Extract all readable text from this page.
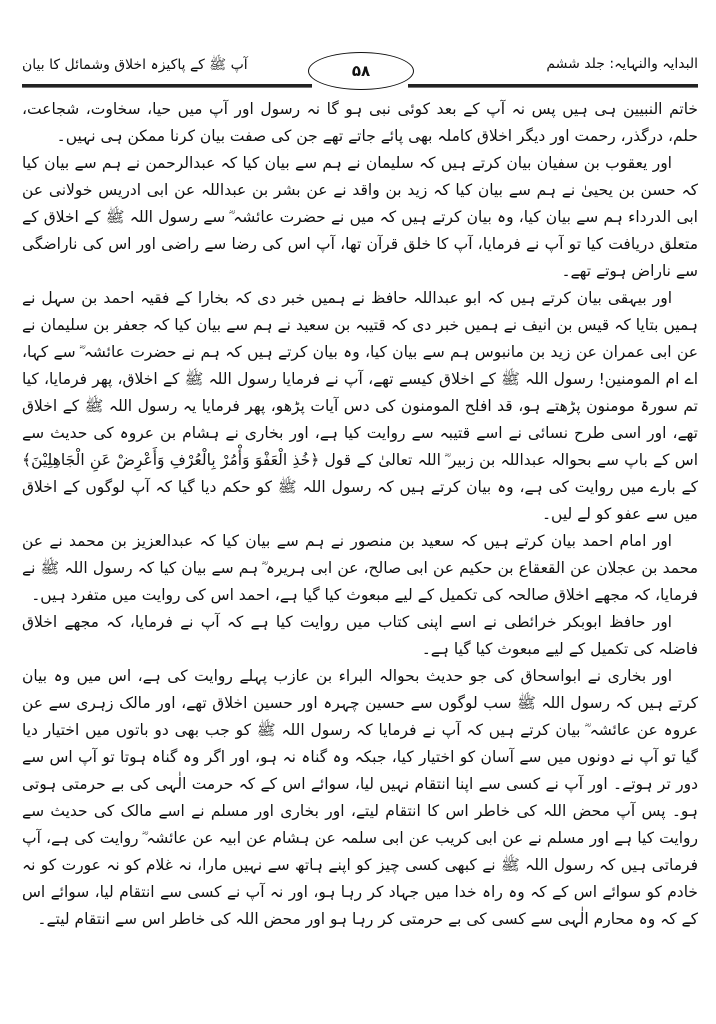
البدایہ والنہایہ: جلد ششم
۵۸
آپ ﷺ کے پاکیزہ اخلاق وشمائل کا بیان

خاتم النبیین ہی ہیں پس نہ آپ کے بعد کوئی نبی ہو گا نہ رسول اور آپ میں حیا، سخاوت، شجاعت، حلم، درگذر، رحمت اور دیگر اخلاق کاملہ بھی پائے جاتے تھے جن کی صفت بیان کرنا ممکن ہی نہیں۔

اور یعقوب بن سفیان بیان کرتے ہیں کہ سلیمان نے ہم سے بیان کیا کہ عبدالرحمن نے ہم سے بیان کیا کہ حسن بن یحییٰ نے ہم سے بیان کیا کہ زید بن واقد نے عن بشر بن عبداللہ عن ابی ادریس خولانی عن ابی الدرداء ہم سے بیان کیا، وہ بیان کرتے ہیں کہ میں نے حضرت عائشہ ؓ سے رسول اللہ ﷺ کے اخلاق کے متعلق دریافت کیا تو آپ نے فرمایا، آپ کا خلق قرآن تھا، آپ اس کی رضا سے راضی اور اس کی ناراضگی سے ناراض ہوتے تھے۔

اور بیہقی بیان کرتے ہیں کہ ابو عبداللہ حافظ نے ہمیں خبر دی کہ بخارا کے فقیہ احمد بن سہل نے ہمیں بتایا کہ قیس بن انیف نے ہمیں خبر دی کہ قتیبہ بن سعید نے ہم سے بیان کیا کہ جعفر بن سلیمان نے عن ابی عمران عن زید بن مانبوس ہم سے بیان کیا، وہ بیان کرتے ہیں کہ ہم نے حضرت عائشہ ؓ سے کہا، اے ام المومنین! رسول اللہ ﷺ کے اخلاق کیسے تھے، آپ نے فرمایا رسول اللہ ﷺ کے اخلاق، پھر فرمایا، کیا تم سورۃ مومنون پڑھتے ہو، قد افلح المومنون کی دس آیات پڑھو، پھر فرمایا یہ رسول اللہ ﷺ کے اخلاق تھے، اور اسی طرح نسائی نے اسے قتیبہ سے روایت کیا ہے، اور بخاری نے ہشام بن عروہ کی حدیث سے اس کے باپ سے بحوالہ عبداللہ بن زبیر ؓ اللہ تعالیٰ کے قول ﴿خُذِ الْعَفْوَ وَأْمُرْ بِالْعُرْفِ وَأَعْرِضْ عَنِ الْجَاهِلِيْنَ﴾ کے بارے میں روایت کی ہے، وہ بیان کرتے ہیں کہ رسول اللہ ﷺ کو حکم دیا گیا کہ آپ لوگوں کے اخلاق میں سے عفو کو لے لیں۔

اور امام احمد بیان کرتے ہیں کہ سعید بن منصور نے ہم سے بیان کیا کہ عبدالعزیز بن محمد نے عن محمد بن عجلان عن القعقاع بن حکیم عن ابی صالح، عن ابی ہریرہ ؓ ہم سے بیان کیا کہ رسول اللہ ﷺ نے فرمایا، کہ مجھے اخلاق صالحہ کی تکمیل کے لیے مبعوث کیا گیا ہے، احمد اس کی روایت میں متفرد ہیں۔

اور حافظ ابوبکر خرائطی نے اسے اپنی کتاب میں روایت کیا ہے کہ آپ نے فرمایا، کہ مجھے اخلاق فاضلہ کی تکمیل کے لیے مبعوث کیا گیا ہے۔

اور بخاری نے ابواسحاق کی جو حدیث بحوالہ البراء بن عازب پہلے روایت کی ہے، اس میں وہ بیان کرتے ہیں کہ رسول اللہ ﷺ سب لوگوں سے حسین چہرہ اور حسین اخلاق تھے، اور مالک زہری سے عن عروہ عن عائشہ ؓ بیان کرتے ہیں کہ آپ نے فرمایا کہ رسول اللہ ﷺ کو جب بھی دو باتوں میں اختیار دیا گیا تو آپ نے دونوں میں سے آسان کو اختیار کیا، جبکہ وہ گناہ نہ ہو، اور اگر وہ گناہ ہوتا تو آپ اس سے دور تر ہوتے۔ اور آپ نے کسی سے اپنا انتقام نہیں لیا، سوائے اس کے کہ حرمت الٰہی کی بے حرمتی ہوتی ہو۔ پس آپ محض اللہ کی خاطر اس کا انتقام لیتے، اور بخاری اور مسلم نے اسے مالک کی حدیث سے روایت کیا ہے اور مسلم نے عن ابی کریب عن ابی سلمہ عن ہشام عن ابیہ عن عائشہ ؓ روایت کی ہے، آپ فرماتی ہیں کہ رسول اللہ ﷺ نے کبھی کسی چیز کو اپنے ہاتھ سے نہیں مارا، نہ غلام کو نہ عورت کو نہ خادم کو سوائے اس کے کہ وہ راہ خدا میں جہاد کر رہا ہو، اور نہ آپ نے کسی سے انتقام لیا، سوائے اس کے کہ وہ محارم الٰہی سے کسی کی بے حرمتی کر رہا ہو اور محض اللہ کی خاطر اس سے انتقام لیتے۔
